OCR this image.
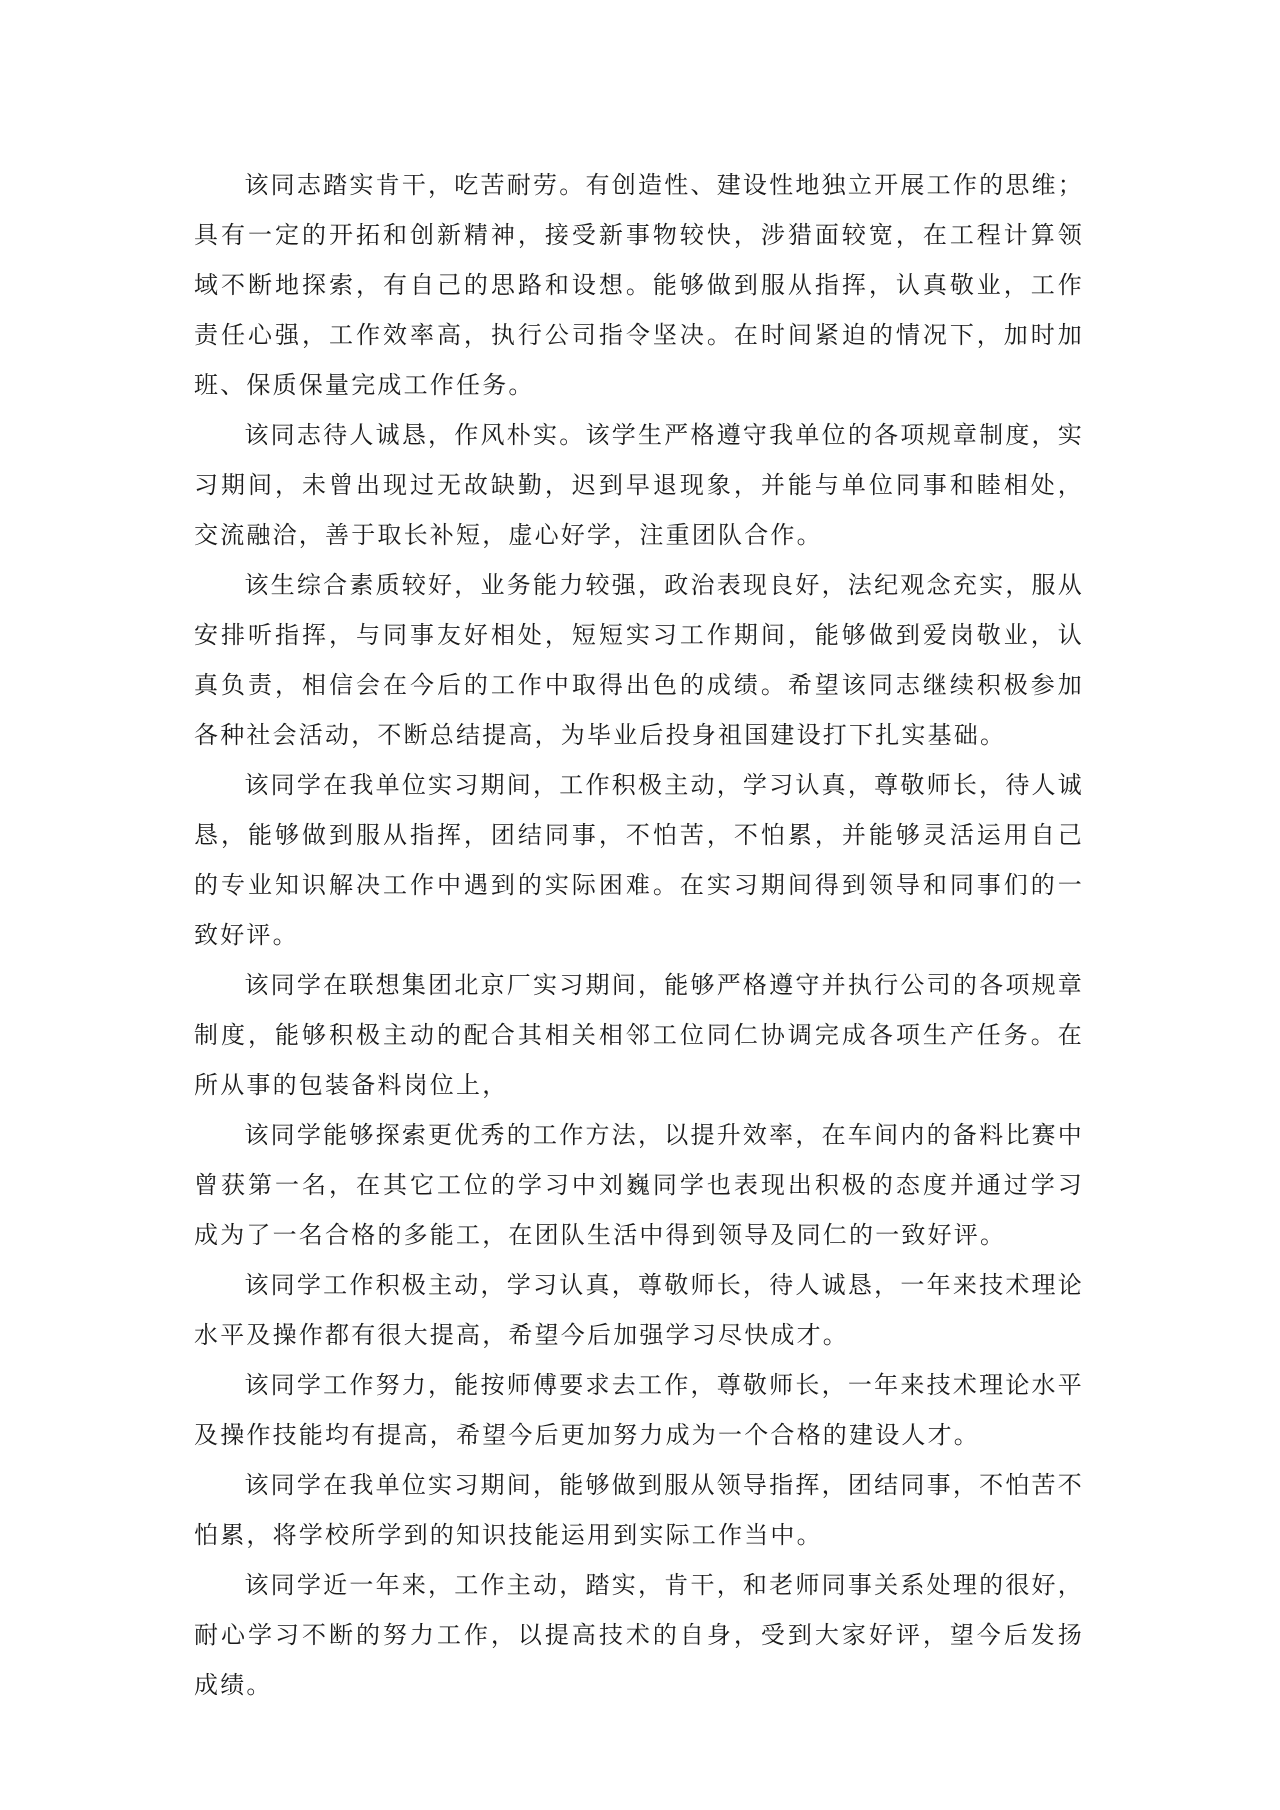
该同志踏实肯干，吃苦耐劳。有创造性、建设性地独立开展工作的思维；具有一定的开拓和创新精神，接受新事物较快，涉猎面较宽，在工程计算领域不断地探索，有自己的思路和设想。能够做到服从指挥，认真敬业，工作责任心强，工作效率高，执行公司指令坚决。在时间紧迫的情况下，加时加班、保质保量完成工作任务。

该同志待人诚恳，作风朴实。该学生严格遵守我单位的各项规章制度，实习期间，未曾出现过无故缺勤，迟到早退现象，并能与单位同事和睦相处，交流融洽，善于取长补短，虚心好学，注重团队合作。

该生综合素质较好，业务能力较强，政治表现良好，法纪观念充实，服从安排听指挥，与同事友好相处，短短实习工作期间，能够做到爱岗敬业，认真负责，相信会在今后的工作中取得出色的成绩。希望该同志继续积极参加各种社会活动，不断总结提高，为毕业后投身祖国建设打下扎实基础。

该同学在我单位实习期间，工作积极主动，学习认真，尊敬师长，待人诚恳，能够做到服从指挥，团结同事，不怕苦，不怕累，并能够灵活运用自己的专业知识解决工作中遇到的实际困难。在实习期间得到领导和同事们的一致好评。

该同学在联想集团北京厂实习期间，能够严格遵守并执行公司的各项规章制度，能够积极主动的配合其相关相邻工位同仁协调完成各项生产任务。在所从事的包装备料岗位上，

该同学能够探索更优秀的工作方法，以提升效率，在车间内的备料比赛中曾获第一名，在其它工位的学习中刘巍同学也表现出积极的态度并通过学习成为了一名合格的多能工，在团队生活中得到领导及同仁的一致好评。

该同学工作积极主动，学习认真，尊敬师长，待人诚恳，一年来技术理论水平及操作都有很大提高，希望今后加强学习尽快成才。

该同学工作努力，能按师傅要求去工作，尊敬师长，一年来技术理论水平及操作技能均有提高，希望今后更加努力成为一个合格的建设人才。

该同学在我单位实习期间，能够做到服从领导指挥，团结同事，不怕苦不怕累，将学校所学到的知识技能运用到实际工作当中。

该同学近一年来，工作主动，踏实，肯干，和老师同事关系处理的很好，耐心学习不断的努力工作，以提高技术的自身，受到大家好评，望今后发扬成绩。
